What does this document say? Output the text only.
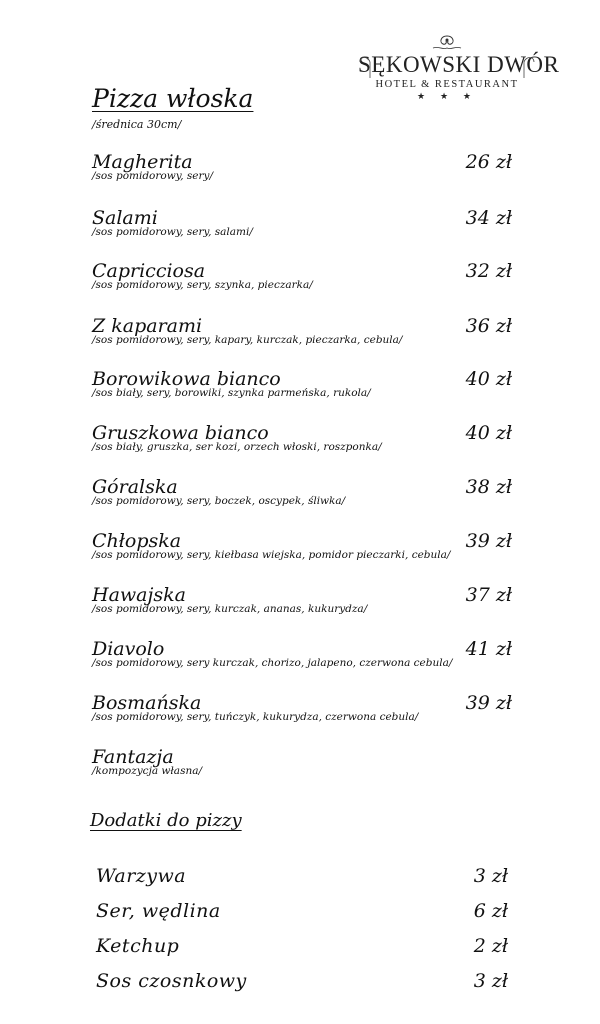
SĘKOWSKI DWÓR
HOTEL & RESTAURANT
★ ★ ★
Pizza włoska
/średnica 30cm/
Magherita
/sos pomidorowy, sery/
26 zł
Salami
/sos pomidorowy, sery, salami/
34 zł
Capricciosa
/sos pomidorowy, sery, szynka, pieczarka/
32 zł
Z kaparami
/sos pomidorowy, sery, kapary, kurczak, pieczarka, cebula/
36 zł
Borowikowa bianco
/sos biały, sery, borowiki, szynka parmeńska, rukola/
40 zł
Gruszkowa bianco
/sos biały, gruszka, ser kozi, orzech włoski, roszponka/
40 zł
Góralska
/sos pomidorowy, sery, boczek, oscypek, śliwka/
38 zł
Chłopska
/sos pomidorowy, sery, kiełbasa wiejska, pomidor pieczarki, cebula/
39 zł
Hawajska
/sos pomidorowy, sery, kurczak, ananas, kukurydza/
37 zł
Diavolo
/sos pomidorowy, sery kurczak, chorizo, jalapeno, czerwona cebula/
41 zł
Bosmańska
/sos pomidorowy, sery, tuńczyk, kukurydza, czerwona cebula/
39 zł
Fantazja
/kompozycja własna/
Dodatki do pizzy
Warzywa	3 zł
Ser, wędlina	6 zł
Ketchup	2 zł
Sos czosnkowy	3 zł
